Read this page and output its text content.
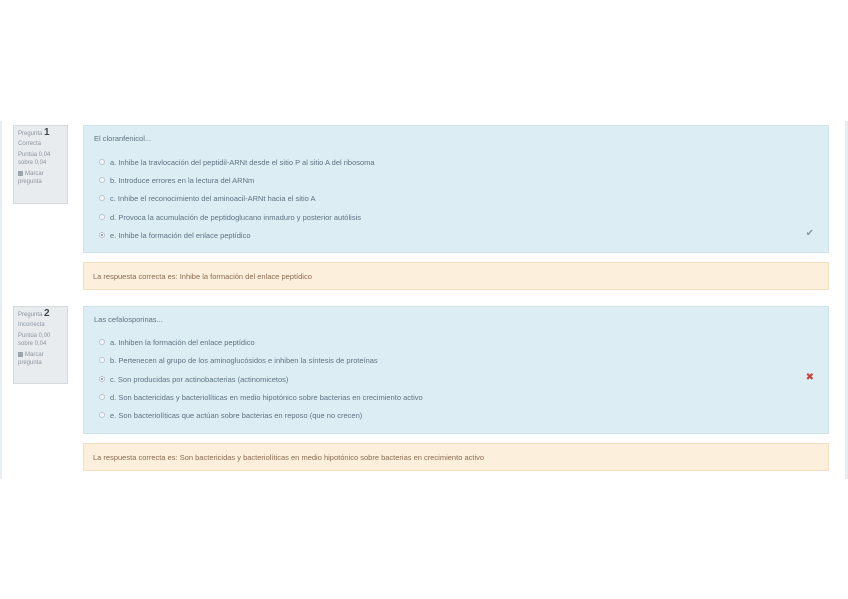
Pregunta 1
Correcta
Puntúa 0,04 sobre 0,04
Marcar pregunta
El cloranfenicol...
a. Inhibe la travlocación del peptidil-ARNt desde el sitio P al sitio A del ribosoma
b. Introduce errores en la lectura del ARNm
c. Inhibe el reconocimiento del aminoacil-ARNt hacia el sitio A
d. Provoca la acumulación de peptidoglucano inmaduro y posterior autólisis
e. Inhibe la formación del enlace peptídico	✔
La respuesta correcta es: Inhibe la formación del enlace peptídico
Pregunta 2
Incorrecta
Puntúa 0,00 sobre 0,04
Marcar pregunta
Las cefalosporinas...
a. Inhiben la formación del enlace peptídico
b. Pertenecen al grupo de los aminoglucósidos e inhiben la síntesis de proteínas
c. Son producidas por actinobacterias (actinomicetos)
d. Son bactericidas y bacteriolíticas en medio hipotónico sobre bacterias en crecimiento activo
e. Son bacteriolíticas que actúan sobre bacterias en reposo (que no crecen)
✖
La respuesta correcta es: Son bactericidas y bacteriolíticas en medio hipotónico sobre bacterias en crecimiento activo
